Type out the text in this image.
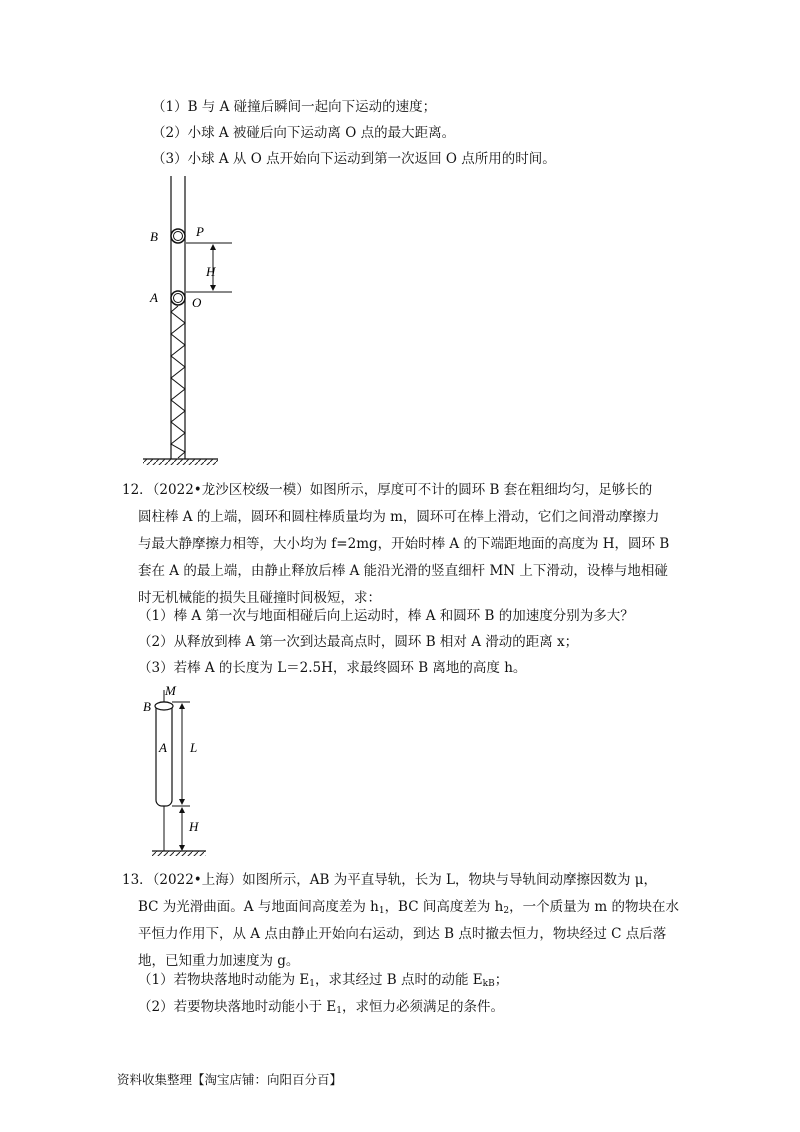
（1）B 与 A 碰撞后瞬间一起向下运动的速度；
（2）小球 A 被碰后向下运动离 O 点的最大距离。
（3）小球 A 从 O 点开始向下运动到第一次返回 O 点所用的时间。
B	P
H
A	O
12．（2022•龙沙区校级一模）如图所示，厚度可不计的圆环 B 套在粗细均匀，足够长的
圆柱棒 A 的上端，圆环和圆柱棒质量均为 m，圆环可在棒上滑动，它们之间滑动摩擦力
与最大静摩擦力相等，大小均为 f=2mg，开始时棒 A 的下端距地面的高度为 H，圆环 B
套在 A 的最上端，由静止释放后棒 A 能沿光滑的竖直细杆 MN 上下滑动，设棒与地相碰
时无机械能的损失且碰撞时间极短，求：
（1）棒 A 第一次与地面相碰后向上运动时，棒 A 和圆环 B 的加速度分别为多大？
（2）从释放到棒 A 第一次到达最高点时，圆环 B 相对 A 滑动的距离 x；
（3）若棒 A 的长度为 L＝2.5H，求最终圆环 B 离地的高度 h。
M
B
A L
H
13．（2022•上海）如图所示，AB 为平直导轨，长为 L，物块与导轨间动摩擦因数为 μ，
BC 为光滑曲面。A 与地面间高度差为 $h_1$，BC 间高度差为 $h_2$，一个质量为 m 的物块在水
平恒力作用下，从 A 点由静止开始向右运动，到达 B 点时撤去恒力，物块经过 C 点后落
地，已知重力加速度为 g。
（1）若物块落地时动能为 $E_1$，求其经过 B 点时的动能 $E_{kB}$；
（2）若要物块落地时动能小于 $E_1$，求恒力必须满足的条件。
资料收集整理【淘宝店铺：向阳百分百】
